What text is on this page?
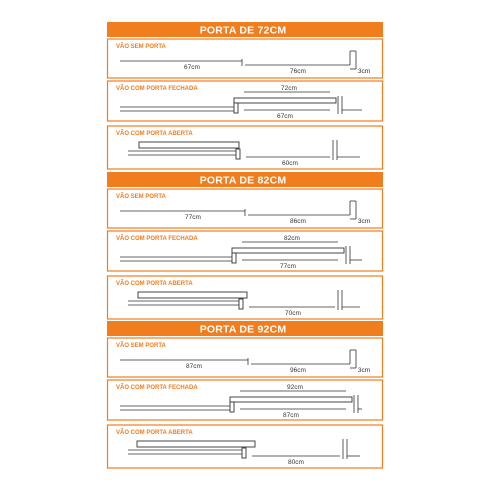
PORTA DE 72CM
VÃO SEM PORTA
67cm
76cm	3cm
VÃO COM PORTA FECHADA	72cm
67cm
VÃO COM PORTA ABERTA
60cm
PORTA DE 82CM
VÃO SEM PORTA
77cm
86cm	3cm
VÃO COM PORTA FECHADA	82cm
77cm
VÃO COM PORTA ABERTA
70cm
PORTA DE 92CM
VÃO SEM PORTA
87cm
96cm	3cm
VÃO COM PORTA FECHADA	92cm
87cm
VÃO COM PORTA ABERTA
80cm
